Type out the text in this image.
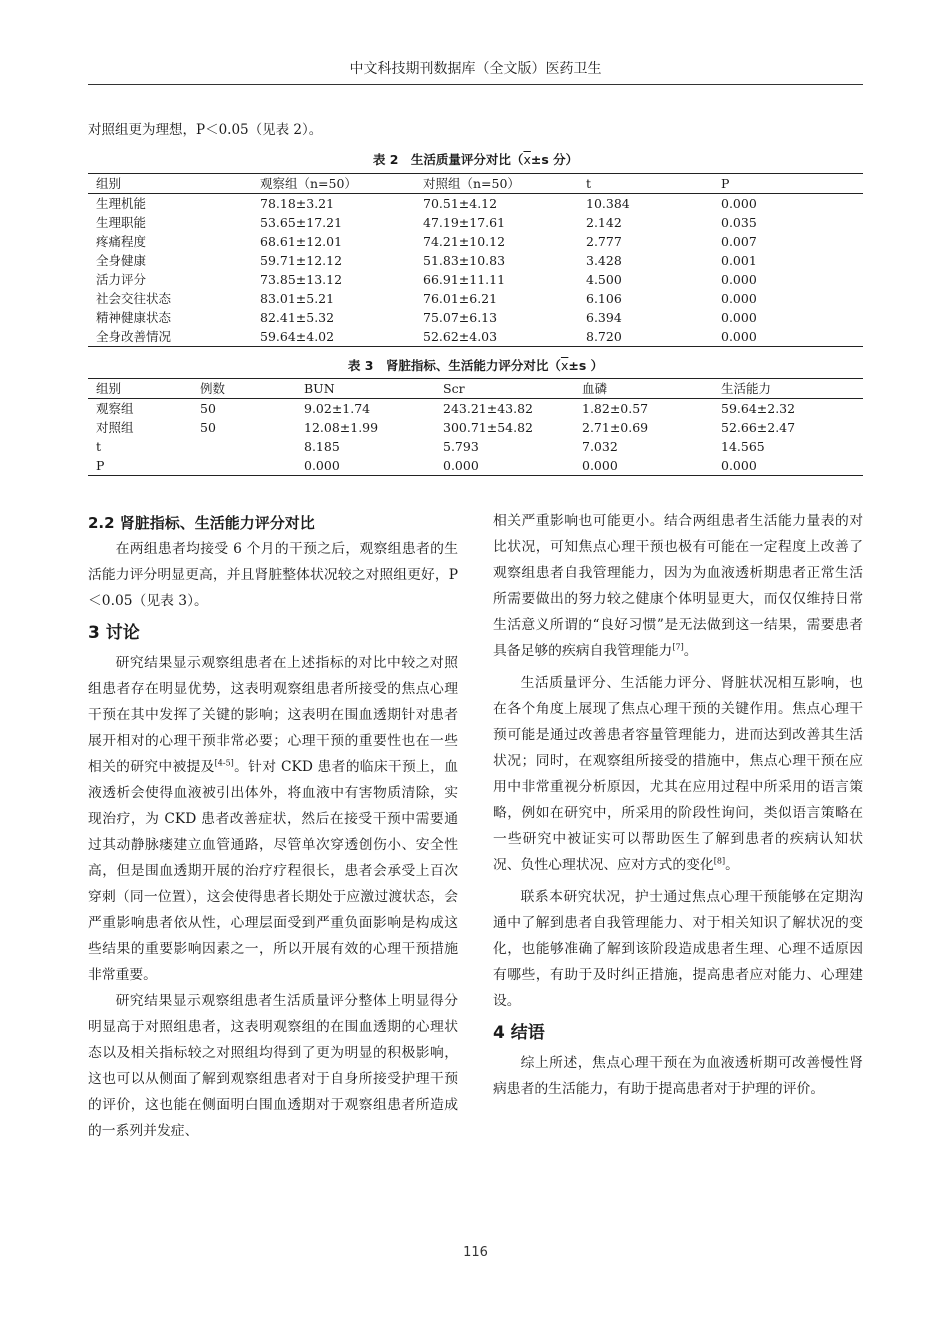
中文科技期刊数据库（全文版）医药卫生

对照组更为理想，P＜0.05（见表 2）。

表 2　生活质量评分对比（$\overline{x}\pm s$ 分）
组别	观察组（n=50）	对照组（n=50）	t	P
生理机能	78.18±3.21	70.51±4.12	10.384	0.000
生理职能	53.65±17.21	47.19±17.61	2.142	0.035
疼痛程度	68.61±12.01	74.21±10.12	2.777	0.007
全身健康	59.71±12.12	51.83±10.83	3.428	0.001
活力评分	73.85±13.12	66.91±11.11	4.500	0.000
社会交往状态	83.01±5.21	76.01±6.21	6.106	0.000
精神健康状态	82.41±5.32	75.07±6.13	6.394	0.000
全身改善情况	59.64±4.02	52.62±4.03	8.720	0.000
表 3　肾脏指标、生活能力评分对比（$\overline{x}\pm s$ ）
组别	例数	BUN	Scr	血磷	生活能力
观察组	50	9.02±1.74	243.21±43.82	1.82±0.57	59.64±2.32
对照组	50	12.08±1.99	300.71±54.82	2.71±0.69	52.66±2.47
t		8.185	5.793	7.032	14.565
P		0.000	0.000	0.000	0.000
2.2 肾脏指标、生活能力评分对比

在两组患者均接受 6 个月的干预之后，观察组患者的生活能力评分明显更高，并且肾脏整体状况较之对照组更好，P＜0.05（见表 3）。

3 讨论

研究结果显示观察组患者在上述指标的对比中较之对照组患者存在明显优势，这表明观察组患者所接受的焦点心理干预在其中发挥了关键的影响；这表明在围血透期针对患者展开相对的心理干预非常必要；心理干预的重要性也在一些相关的研究中被提及[4-5]。针对 CKD 患者的临床干预上，血液透析会使得血液被引出体外，将血液中有害物质清除，实现治疗，为 CKD 患者改善症状，然后在接受干预中需要通过其动静脉瘘建立血管通路，尽管单次穿透创伤小、安全性高，但是围血透期开展的治疗疗程很长，患者会承受上百次穿刺（同一位置），这会使得患者长期处于应激过渡状态，会严重影响患者依从性，心理层面受到严重负面影响是构成这些结果的重要影响因素之一，所以开展有效的心理干预措施非常重要。

研究结果显示观察组患者生活质量评分整体上明显得分明显高于对照组患者，这表明观察组的在围血透期的心理状态以及相关指标较之对照组均得到了更为明显的积极影响，这也可以从侧面了解到观察组患者对于自身所接受护理干预的评价，这也能在侧面明白围血透期对于观察组患者所造成的一系列并发症、

相关严重影响也可能更小。结合两组患者生活能力量表的对比状况，可知焦点心理干预也极有可能在一定程度上改善了观察组患者自我管理能力，因为为血液透析期患者正常生活所需要做出的努力较之健康个体明显更大，而仅仅维持日常生活意义所谓的“良好习惯”是无法做到这一结果，需要患者具备足够的疾病自我管理能力[7]。

生活质量评分、生活能力评分、肾脏状况相互影响，也在各个角度上展现了焦点心理干预的关键作用。焦点心理干预可能是通过改善患者容量管理能力，进而达到改善其生活状况；同时，在观察组所接受的措施中，焦点心理干预在应用中非常重视分析原因，尤其在应用过程中所采用的语言策略，例如在研究中，所采用的阶段性询问，类似语言策略在一些研究中被证实可以帮助医生了解到患者的疾病认知状况、负性心理状况、应对方式的变化[8]。

联系本研究状况，护士通过焦点心理干预能够在定期沟通中了解到患者自我管理能力、对于相关知识了解状况的变化，也能够准确了解到该阶段造成患者生理、心理不适原因有哪些，有助于及时纠正措施，提高患者应对能力、心理建设。

4 结语

综上所述，焦点心理干预在为血液透析期可改善慢性肾病患者的生活能力，有助于提高患者对于护理的评价。

116
